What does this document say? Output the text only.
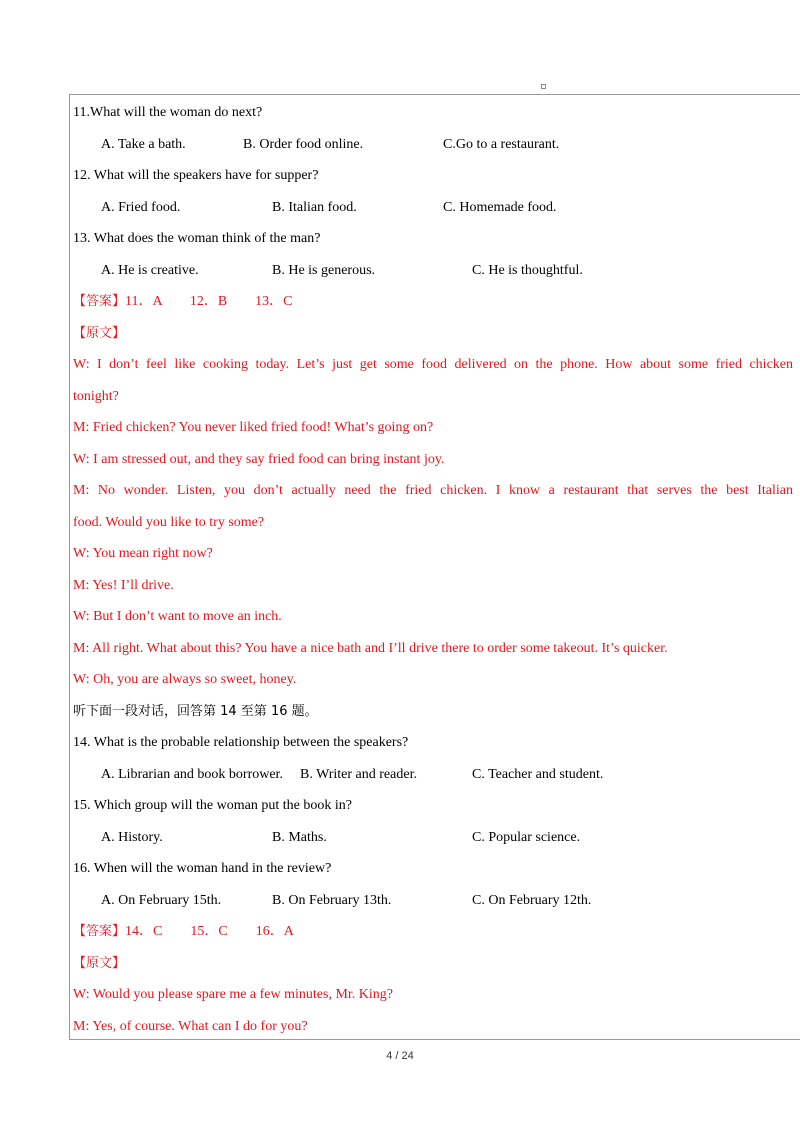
11.What will the woman do next?
A. Take a bath.	B. Order food online.	C.Go to a restaurant.
12. What will the speakers have for supper?
A. Fried food.	B. Italian food.	C. Homemade food.
13. What does the woman think of the man?
A. He is creative.	B. He is generous.	C. He is thoughtful.
【答案】11．A　　12．B　　13．C
【原文】
W: I don’t feel like cooking today. Let’s just get some food delivered on the phone. How about some fried chicken
tonight?
M: Fried chicken? You never liked fried food! What’s going on?
W: I am stressed out, and they say fried food can bring instant joy.
M: No wonder. Listen, you don’t actually need the fried chicken. I know a restaurant that serves the best Italian
food. Would you like to try some?
W: You mean right now?
M: Yes! I’ll drive.
W: But I don’t want to move an inch.
M: All right. What about this? You have a nice bath and I’ll drive there to order some takeout. It’s quicker.
W: Oh, you are always so sweet, honey.
听下面一段对话，回答第 14 至第 16 题。
14. What is the probable relationship between the speakers?
A. Librarian and book borrower. B. Writer and reader.	C. Teacher and student.
15. Which group will the woman put the book in?
A. History.	B. Maths.	C. Popular science.
16. When will the woman hand in the review?
A. On February 15th.	B. On February 13th.	C. On February 12th.
【答案】14．C　　15．C　　16．A
【原文】
W: Would you please spare me a few minutes, Mr. King?
M: Yes, of course. What can I do for you?
4 / 24
